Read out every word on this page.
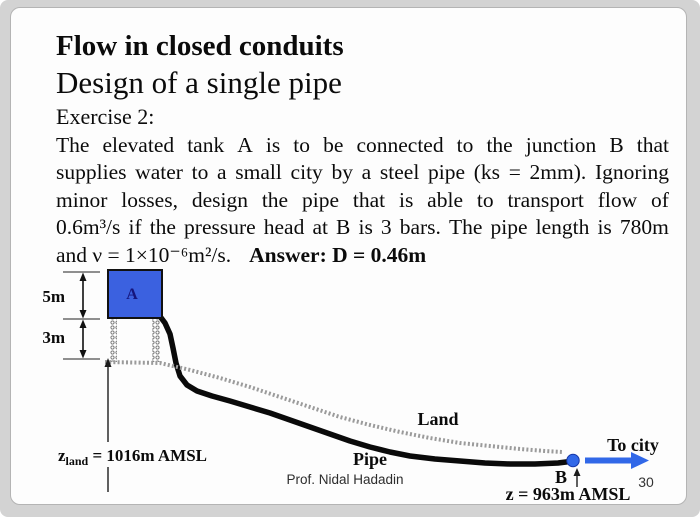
Flow in closed conduits
Design of a single pipe
Exercise 2:
The elevated tank A is to be connected to the junction B that
supplies water to a small city by a steel pipe (ks = 2mm). Ignoring
minor losses, design the pipe that is able to transport flow of
0.6m³/s if the pressure head at B is 3 bars. The pipe length is 780m
and ν = 1×10⁻⁶m²/s. Answer: D = 0.46m
5m
3m
A
$z_{land} = 1016m$ AMSL
Land
Pipe
Prof. Nidal Hadadin
To city
B
z = 963m AMSL
30
